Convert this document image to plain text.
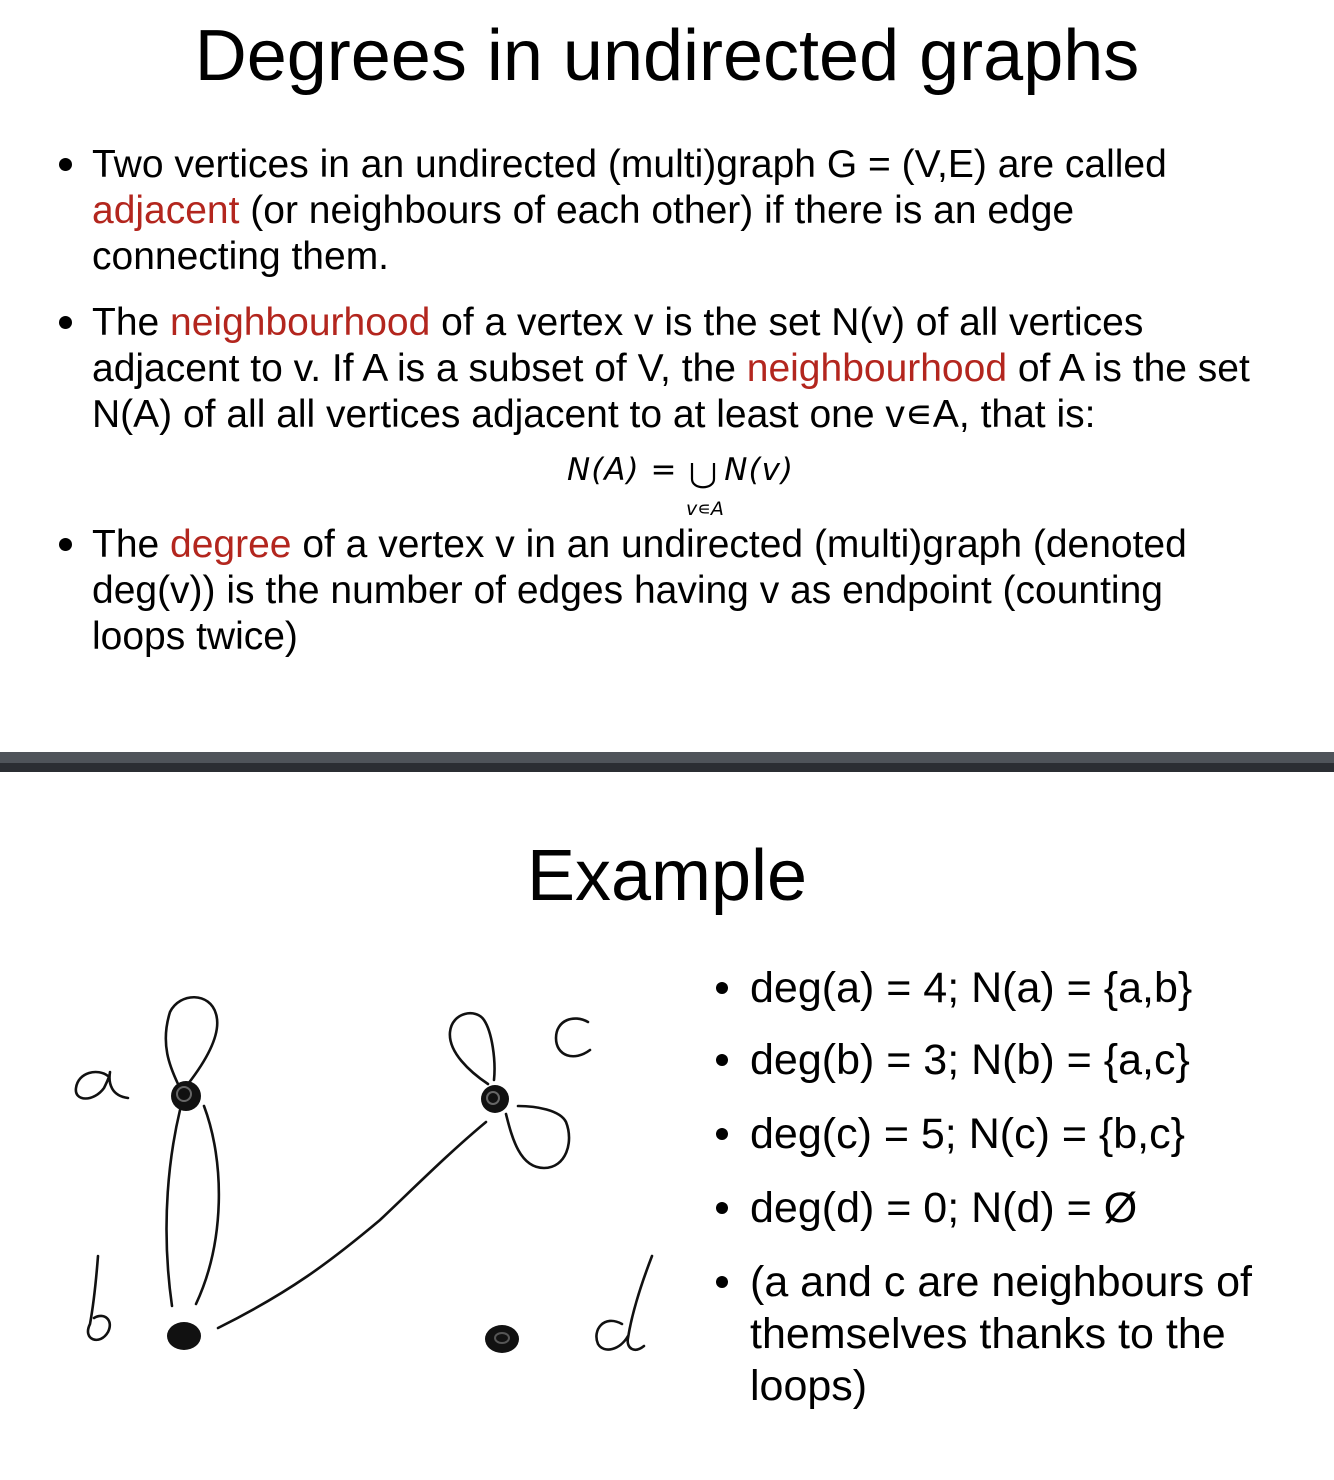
Degrees in undirected graphs
Two vertices in an undirected (multi)graph G = (V,E) are called
adjacent (or neighbours of each other) if there is an edge
connecting them.
The neighbourhood of a vertex v is the set N(v) of all vertices
adjacent to v. If A is a subset of V, the neighbourhood of A is the set
N(A) of all all vertices adjacent to at least one v∊A, that is:
N(A) = N(v)
v∊A
The degree of a vertex v in an undirected (multi)graph (denoted
deg(v)) is the number of edges having v as endpoint (counting
loops twice)
Example
deg(a) = 4; N(a) = {a,b}
deg(b) = 3; N(b) = {a,c}
deg(c) = 5; N(c) = {b,c}
deg(d) = 0; N(d) = Ø
(a and c are neighbours of
themselves thanks to the
loops)
